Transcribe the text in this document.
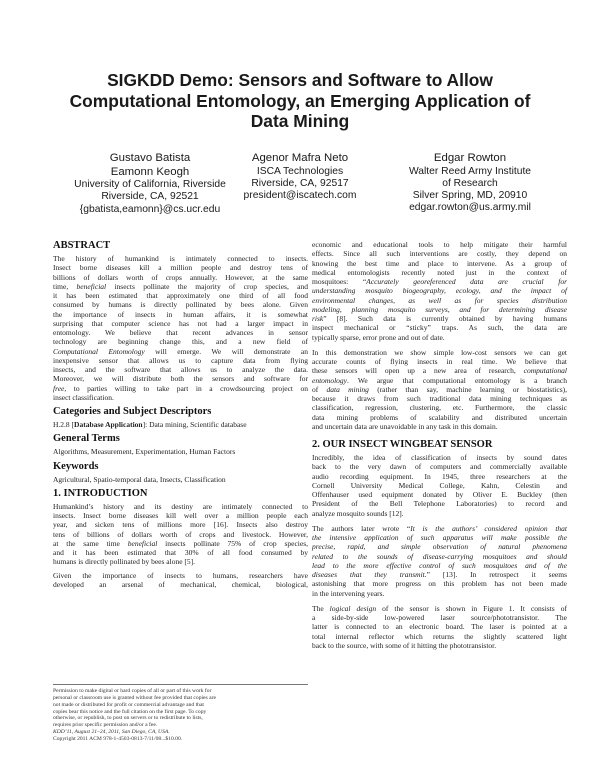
SIGKDD Demo: Sensors and Software to Allow
Computational Entomology, an Emerging Application of
Data Mining
Gustavo Batista
Eamonn Keogh
University of California, Riverside
Riverside, CA, 92521
{gbatista,eamonn}@cs.ucr.edu
Agenor Mafra Neto
ISCA Technologies
Riverside, CA, 92517
president@iscatech.com
Edgar Rowton
Walter Reed Army Institute
of Research
Silver Spring, MD, 20910
edgar.rowton@us.army.mil
ABSTRACT

The history of humankind is intimately connected to insects.
Insect borne diseases kill a million people and destroy tens of
billions of dollars worth of crops annually. However, at the same
time, beneficial insects pollinate the majority of crop species, and
it has been estimated that approximately one third of all food
consumed by humans is directly pollinated by bees alone. Given
the importance of insects in human affairs, it is somewhat
surprising that computer science has not had a larger impact in
entomology. We believe that recent advances in sensor
technology are beginning change this, and a new field of
Computational Entomology will emerge. We will demonstrate an
inexpensive sensor that allows us to capture data from flying
insects, and the software that allows us to analyze the data.
Moreover, we will distribute both the sensors and software for
free, to parties willing to take part in a crowdsourcing project on
insect classification.

Categories and Subject Descriptors

H.2.8 [Database Application]: Data mining, Scientific database

General Terms

Algorithms, Measurement, Experimentation, Human Factors

Keywords

Agricultural, Spatio-temporal data, Insects, Classification

1. INTRODUCTION

Humankind’s history and its destiny are intimately connected to
insects. Insect borne diseases kill well over a million people each
year, and sicken tens of millions more [16]. Insects also destroy
tens of billions of dollars worth of crops and livestock. However,
at the same time beneficial insects pollinate 75% of crop species,
and it has been estimated that 30% of all food consumed by
humans is directly pollinated by bees alone [5].

Given the importance of insects to humans, researchers have
developed an arsenal of mechanical, chemical, biological,

Permission to make digital or hard copies of all or part of this work for
personal or classroom use is granted without fee provided that copies are
not made or distributed for profit or commercial advantage and that
copies bear this notice and the full citation on the first page. To copy
otherwise, or republish, to post on servers or to redistribute to lists,
requires prior specific permission and/or a fee.
KDD’11, August 21–24, 2011, San Diego, CA, USA.
Copyright 2011 ACM 978-1-4503-0813-7/11/08...$10.00.

economic and educational tools to help mitigate their harmful
effects. Since all such interventions are costly, they depend on
knowing the best time and place to intervene. As a group of
medical entomologists recently noted just in the context of
mosquitoes: “Accurately georeferenced data are crucial for
understanding mosquito biogeography, ecology, and the impact of
environmental changes, as well as for species distribution
modeling, planning mosquito surveys, and for determining disease
risk” [8]. Such data is currently obtained by having humans
inspect mechanical or “sticky” traps. As such, the data are
typically sparse, error prone and out of date.

In this demonstration we show simple low-cost sensors we can get
accurate counts of flying insects in real time. We believe that
these sensors will open up a new area of research, computational
entomology. We argue that computational entomology is a branch
of data mining (rather than say, machine learning or biostatistics),
because it draws from such traditional data mining techniques as
classification, regression, clustering, etc. Furthermore, the classic
data mining problems of scalability and distributed uncertain
and uncertain data are unavoidable in any task in this domain.

2. OUR INSECT WINGBEAT SENSOR

Incredibly, the idea of classification of insects by sound dates
back to the very dawn of computers and commercially available
audio recording equipment. In 1945, three researchers at the
Cornell University Medical College, Kahn, Celestin and
Offenhauser used equipment donated by Oliver E. Buckley (then
President of the Bell Telephone Laboratories) to record and
analyze mosquito sounds [12].

The authors later wrote “It is the authors’ considered opinion that
the intensive application of such apparatus will make possible the
precise, rapid, and simple observation of natural phenomena
related to the sounds of disease-carrying mosquitoes and should
lead to the more effective control of such mosquitoes and of the
diseases that they transmit.” [13]. In retrospect it seems
astonishing that more progress on this problem has not been made
in the intervening years.

The logical design of the sensor is shown in Figure 1. It consists of
a side-by-side low-powered laser source/phototransistor. The
latter is connected to an electronic board. The laser is pointed at a
total internal reflector which returns the slightly scattered light
back to the source, with some of it hitting the phototransistor.
